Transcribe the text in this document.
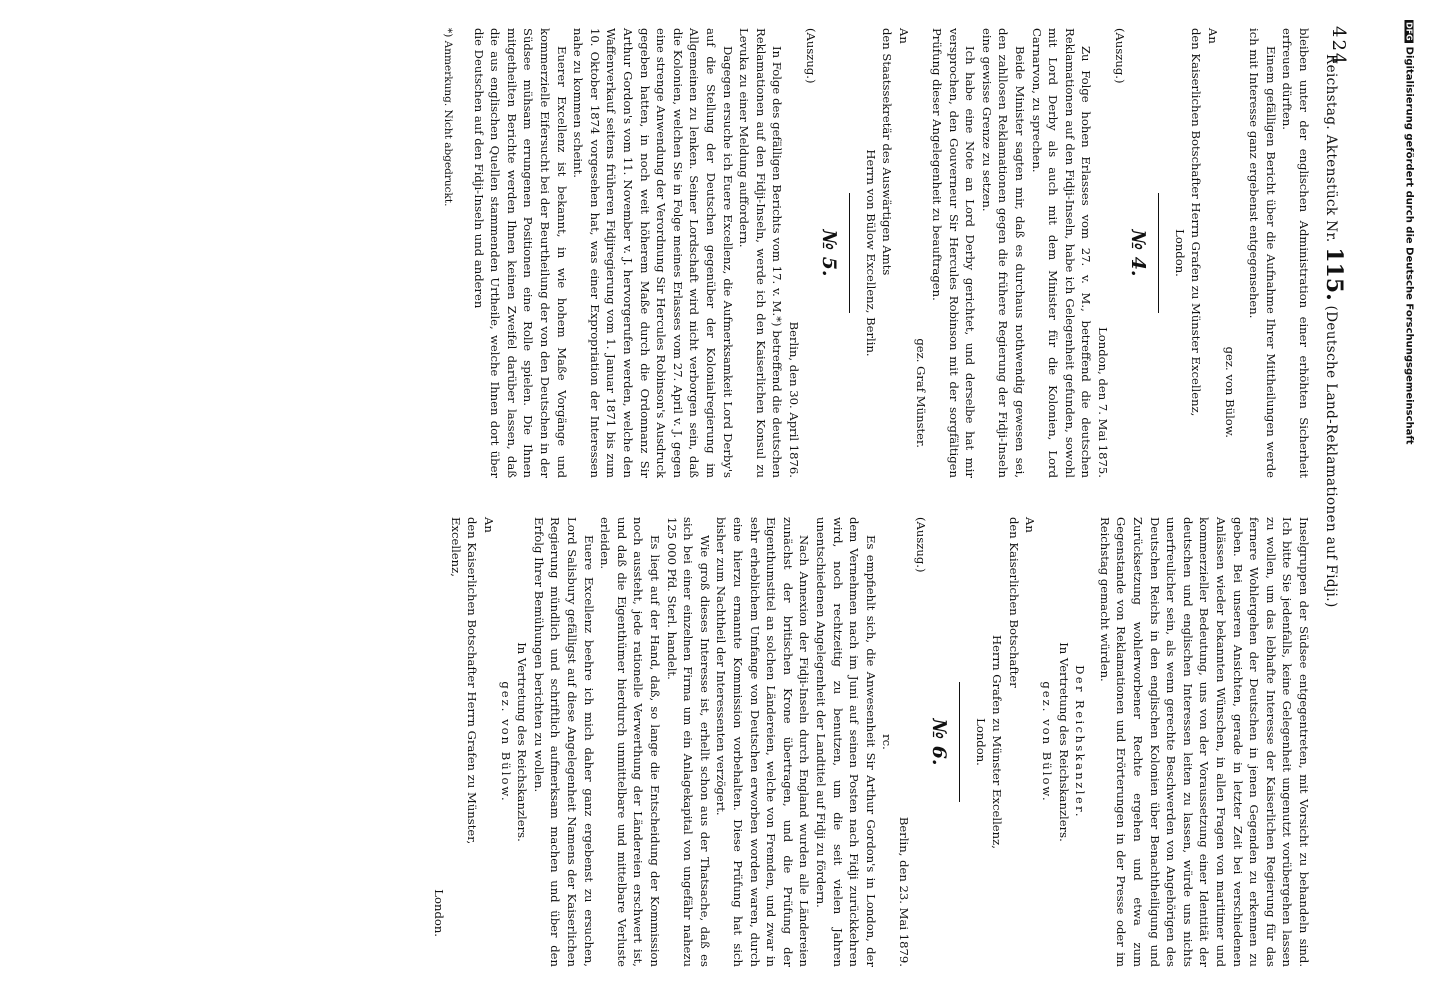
424
Reichstag. Aktenstück Nr. 115. (Deutsche Land-Reklamationen auf Fidji.)

bleiben unter der englischen Administration einer erhöhten Sicherheit erfreuen dürften.

Einem gefälligen Bericht über die Aufnahme Ihrer Mittheilungen werde ich mit Interesse ganz ergebenst entgegensehen.

gez. von Bülow.

An

den Kaiserlichen Botschafter Herrn Grafen zu Münster Excellenz,

London.

№ 4.

(Auszug.)

London, den 7. Mai 1875.

Zu Folge hohen Erlasses vom 27. v. M., betreffend die deutschen Reklamationen auf den Fidji-Inseln, habe ich Gelegenheit gefunden, sowohl mit Lord Derby als auch mit dem Minister für die Kolonien, Lord Carnarvon, zu sprechen.

Beide Minister sagten mir, daß es durchaus nothwendig gewesen sei, den zahllosen Reklamationen gegen die frühere Regierung der Fidji-Inseln eine gewisse Grenze zu setzen.

Ich habe eine Note an Lord Derby gerichtet, und derselbe hat mir versprochen, den Gouverneur Sir Hercules Robinson mit der sorgfältigen Prüfung dieser Angelegenheit zu beauftragen.

gez. Graf Münster.

An

den Staatssekretär des Auswärtigen Amts

Herrn von Bülow Excellenz, Berlin.

№ 5.

(Auszug.)

Berlin, den 30. April 1876.

In Folge des gefälligen Berichts vom 17. v. M.*) betreffend die deutschen Reklamationen auf den Fidji-Inseln, werde ich den Kaiserlichen Konsul zu Levuka zu einer Meldung auffordern.

Dagegen ersuche ich Euere Excellenz, die Aufmerksamkeit Lord Derby's auf die Stellung der Deutschen gegenüber der Kolonialregierung im Allgemeinen zu lenken. Seiner Lordschaft wird nicht verborgen sein, daß die Kolonien, welchen Sie in Folge meines Erlasses vom 27. April v. J. gegen eine strenge Anwendung der Verordnung Sir Hercules Robinson's Ausdruck gegeben hatten, in noch weit höherem Maße durch die Ordonnanz Sir Arthur Gordon's vom 11. November v. J. hervorgerufen werden, welche den Waffenverkauf seitens früheren Fidjiregierung vom 1. Januar 1871 bis zum 10. Oktober 1874 vorgesehen hat, was einer Expropriation der Interessen nahe zu kommen scheint.

Euerer Excellenz ist bekannt, in wie hohem Maße Vorgänge und kommerzielle Eifersucht bei der Beurtheilung der von den Deutschen in der Südsee mühsam errungenen Positionen eine Rolle spielen. Die Ihnen mitgetheilten Berichte werden Ihnen keinen Zweifel darüber lassen, daß die aus englischen Quellen stammenden Urtheile, welche Ihnen dort über die Deutschen auf den Fidji-Inseln und anderen

*) Anmerkung. Nicht abgedruckt.

Inselgruppen der Südsee entgegentreten, mit Vorsicht zu behandeln sind. Ich bitte Sie jedenfalls, keine Gelegenheit ungenutzt vorübergehen lassen zu wollen, um das lebhafte Interesse der Kaiserlichen Regierung für das fernere Wohlergehen der Deutschen in jenen Gegenden zu erkennen zu geben. Bei unseren Ansichten, gerade in letzter Zeit bei verschiedenen Anlässen wieder bekannten Wünschen, in allen Fragen von maritimer und kommerzieller Bedeutung, uns von der Voraussetzung einer Identität der deutschen und englischen Interessen leiten zu lassen, würde uns nichts unerfreulicher sein, als wenn gerechte Beschwerden von Angehörigen des Deutschen Reichs in den englischen Kolonien über Benachtheiligung und Zurücksetzung wohlerworbener Rechte ergehen und etwa zum Gegenstande von Reklamationen und Erörterungen in der Presse oder im Reichstag gemacht würden.

Der Reichskanzler.

In Vertretung des Reichskanzlers.

gez. von Bülow.

An

den Kaiserlichen Botschafter

Herrn Grafen zu Münster Excellenz,

London.

№ 6.

(Auszug.)

Berlin, den 23. Mai 1879.

rc.

Es empfiehlt sich, die Anwesenheit Sir Arthur Gordon's in London, der dem Vernehmen nach im Juni auf seinen Posten nach Fidji zurückkehren wird, noch rechtzeitig zu benutzen, um die seit vielen Jahren unentschiedenen Angelegenheit der Landtitel auf Fidji zu fördern.

Nach Annexion der Fidji-Inseln durch England wurden alle Ländereien zunächst der britischen Krone übertragen, und die Prüfung der Eigenthumstitel an solchen Ländereien, welche von Fremden, und zwar in sehr erheblichem Umfange von Deutschen erworben worden waren, durch eine hierzu ernannte Kommission vorbehalten. Diese Prüfung hat sich bisher zum Nachtheil der Interessenten verzögert.

Wie groß dieses Interesse ist, erhellt schon aus der Thatsache, daß es sich bei einer einzelnen Firma um ein Anlagekapital von ungefähr nahezu 125 000 Pfd. Sterl. handelt.

Es liegt auf der Hand, daß, so lange die Entscheidung der Kommission noch aussteht, jede rationelle Verwerthung der Ländereien erschwert ist, und daß die Eigenthümer hierdurch unmittelbare und mittelbare Verluste erleiden.

Euere Excellenz beehre ich mich daher ganz ergebenst zu ersuchen, Lord Salisbury gefälligst auf diese Angelegenheit Namens der Kaiserlichen Regierung mündlich und schriftlich aufmerksam machen und über den Erfolg Ihrer Bemühungen berichten zu wollen.

In Vertretung des Reichskanzlers.

gez. von Bülow.

An

den Kaiserlichen Botschafter Herrn Grafen zu Münster,

Excellenz,

London.

DFGDigitalisierung gefördert durch die Deutsche Forschungsgemeinschaft
